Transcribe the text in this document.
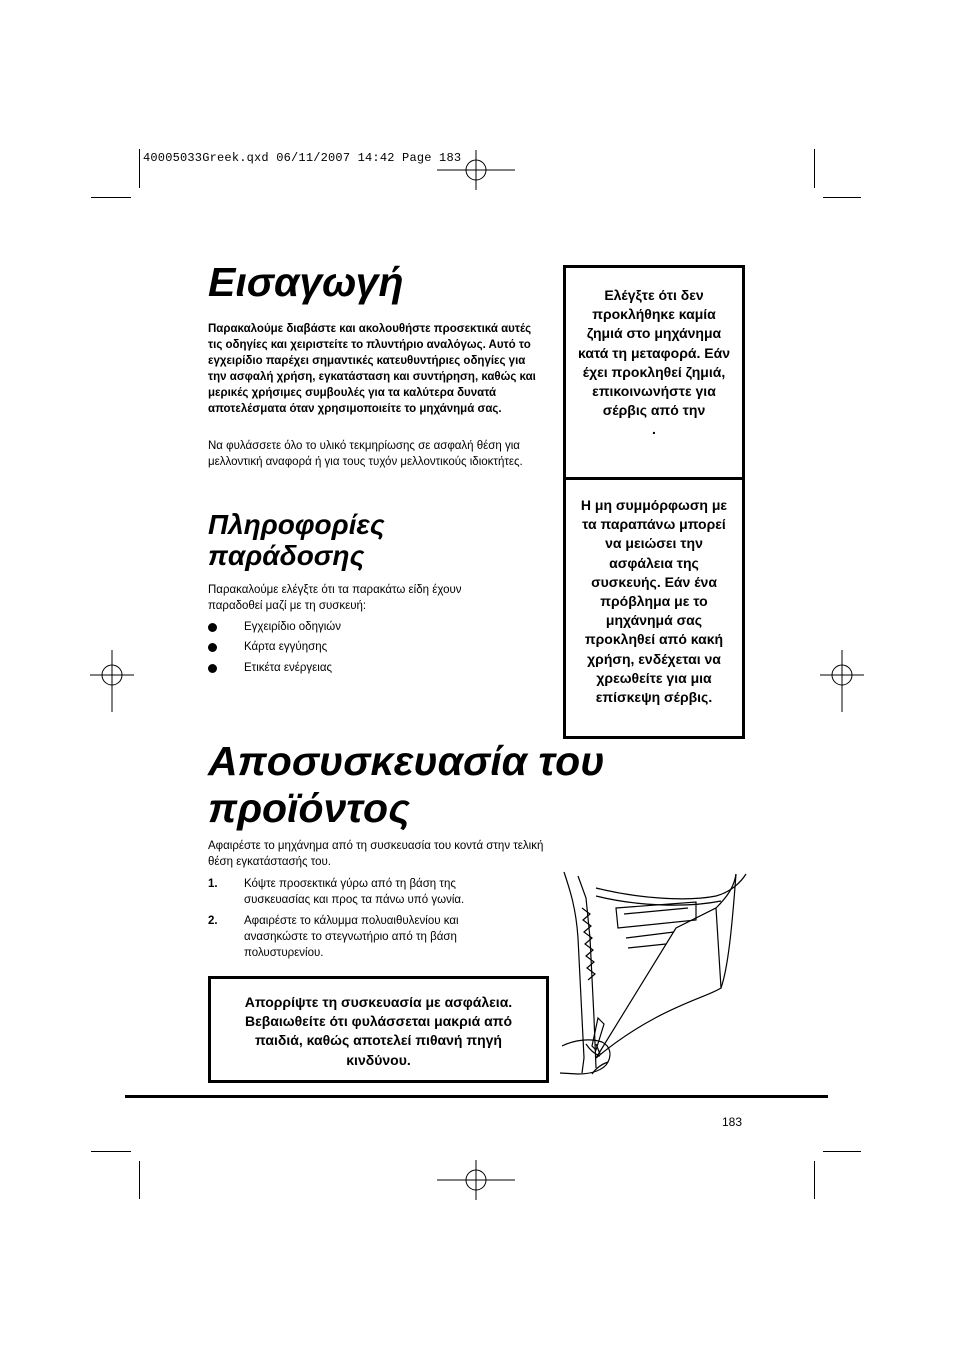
40005033Greek.qxd 06/11/2007 14:42 Page 183
Εισαγωγή
Παρακαλούμε διαβάστε και ακολουθήστε προσεκτικά αυτές τις οδηγίες και χειριστείτε το πλυντήριο αναλόγως. Αυτό το εγχειρίδιο παρέχει σημαντικές κατευθυντήριες οδηγίες για την ασφαλή χρήση, εγκατάσταση και συντήρηση, καθώς και μερικές χρήσιμες συμβουλές για τα καλύτερα δυνατά αποτελέσματα όταν χρησιμοποιείτε το μηχάνημά σας.
Να φυλάσσετε όλο το υλικό τεκμηρίωσης σε ασφαλή θέση για μελλοντική αναφορά ή για τους τυχόν μελλοντικούς ιδιοκτήτες.
Πληροφορίες
παράδοσης
Παρακαλούμε ελέγξτε ότι τα παρακάτω είδη έχουν παραδοθεί μαζί με τη συσκευή:
Εγχειρίδιο οδηγιών
Κάρτα εγγύησης
Ετικέτα ενέργειας
Ελέγξτε ότι δεν προκλήθηκε καμία ζημιά στο μηχάνημα κατά τη μεταφορά. Εάν έχει προκληθεί ζημιά, επικοινωνήστε για σέρβις από την
.
Η μη συμμόρφωση με τα παραπάνω μπορεί να μειώσει την ασφάλεια της συσκευής. Εάν ένα πρόβλημα με το μηχάνημά σας προκληθεί από κακή χρήση, ενδέχεται να χρεωθείτε για μια επίσκεψη σέρβις.
Αποσυσκευασία του
προϊόντος
Αφαιρέστε το μηχάνημα από τη συσκευασία του κοντά στην τελική θέση εγκατάστασής του.
1. Κόψτε προσεκτικά γύρω από τη βάση της συσκευασίας και προς τα πάνω υπό γωνία.
2. Αφαιρέστε το κάλυμμα πολυαιθυλενίου και ανασηκώστε το στεγνωτήριο από τη βάση πολυστυρενίου.
Απορρίψτε τη συσκευασία με ασφάλεια. Βεβαιωθείτε ότι φυλάσσεται μακριά από παιδιά, καθώς αποτελεί πιθανή πηγή κινδύνου.
183
